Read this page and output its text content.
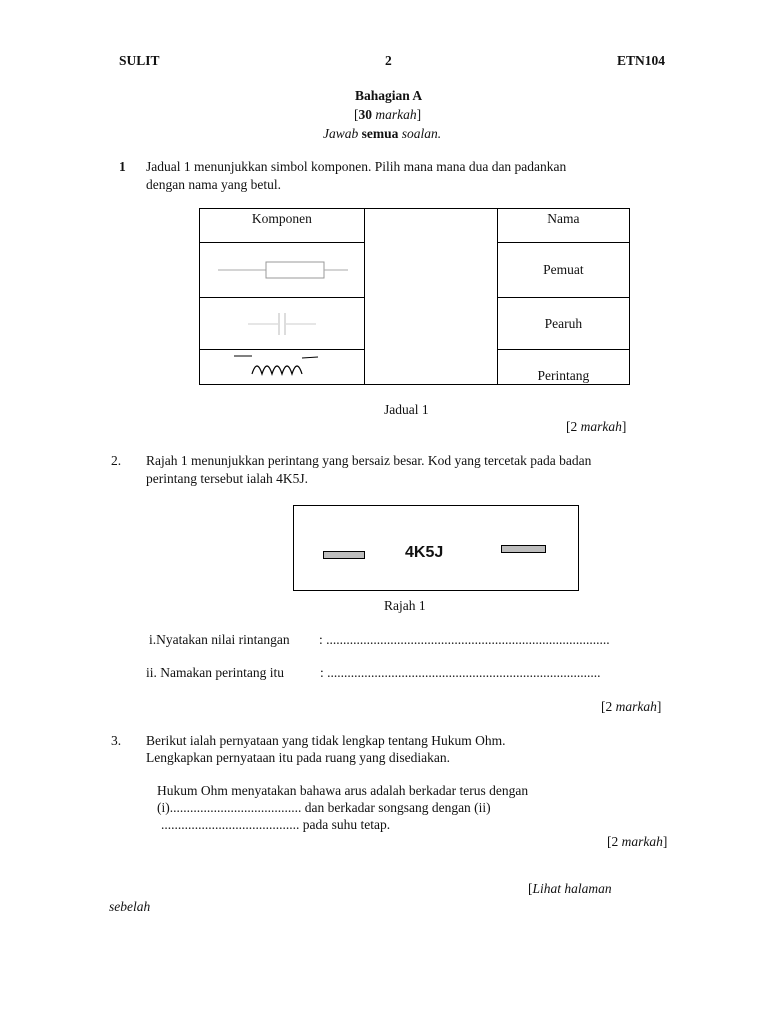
SULIT	2	ETN104
Bahagian A
[30 markah]
Jawab semua soalan.
1 Jadual 1 menunjukkan simbol komponen. Pilih mana mana dua dan padankan
dengan nama yang betul.
Komponen		Nama

	Pemuat

	Pearuh

	Perintang
Jadual 1
[2 markah]
2. Rajah 1 menunjukkan perintang yang bersaiz besar. Kod yang tercetak pada badan
perintang tersebut ialah 4K5J.
4K5J
Rajah 1
i.Nyatakan nilai rintangan : ....................................................................................
ii. Namakan perintang itu	: .................................................................................
[2 markah]
3. Berikut ialah pernyataan yang tidak lengkap tentang Hukum Ohm.
Lengkapkan pernyataan itu pada ruang yang disediakan.
Hukum Ohm menyatakan bahawa arus adalah berkadar terus dengan
(i)....................................... dan berkadar songsang dengan (ii)
......................................... pada suhu tetap.
[2 markah]
[Lihat halaman
sebelah
